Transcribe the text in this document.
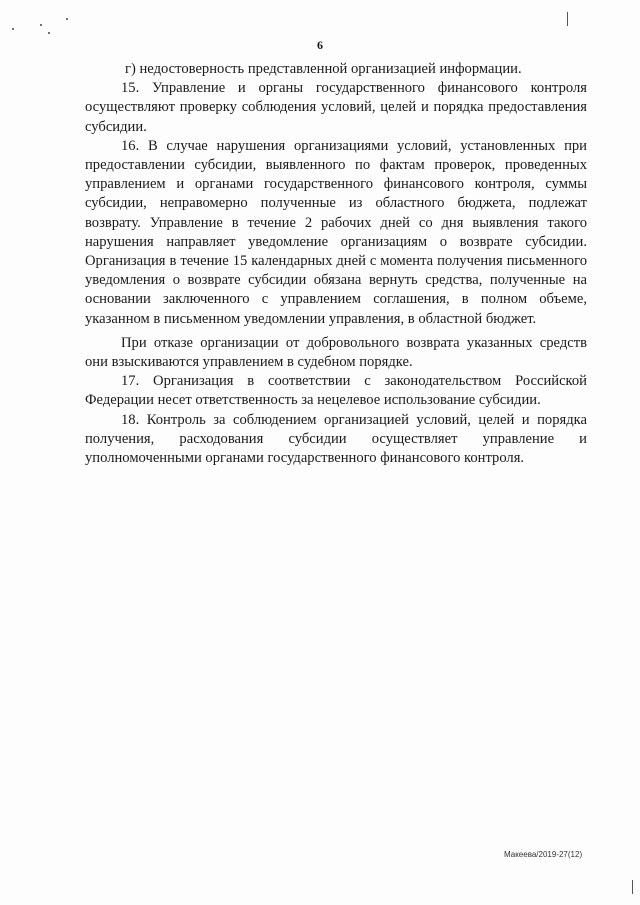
6

г) недостоверность представленной организацией информации.

15. Управление и органы государственного финансового контроля осуществляют проверку соблюдения условий, целей и порядка предоставления субсидии.

16. В случае нарушения организациями условий, установленных при предоставлении субсидии, выявленного по фактам проверок, проведенных управлением и органами государственного финансового контроля, суммы субсидии, неправомерно полученные из областного бюджета, подлежат возврату. Управление в течение 2 рабочих дней со дня выявления такого нарушения направляет уведомление организациям о возврате субсидии. Организация в течение 15 календарных дней с момента получения письменного уведомления о возврате субсидии обязана вернуть средства, полученные на основании заключенного с управлением соглашения, в полном объеме, указанном в письменном уведомлении управления, в областной бюджет.

При отказе организации от добровольного возврата указанных средств они взыскиваются управлением в судебном порядке.

17. Организация в соответствии с законодательством Российской Федерации несет ответственность за нецелевое использование субсидии.

18. Контроль за соблюдением организацией условий, целей и порядка получения, расходования субсидии осуществляет управление и уполномоченными органами государственного финансового контроля.

Макеева/2019-27(12)
